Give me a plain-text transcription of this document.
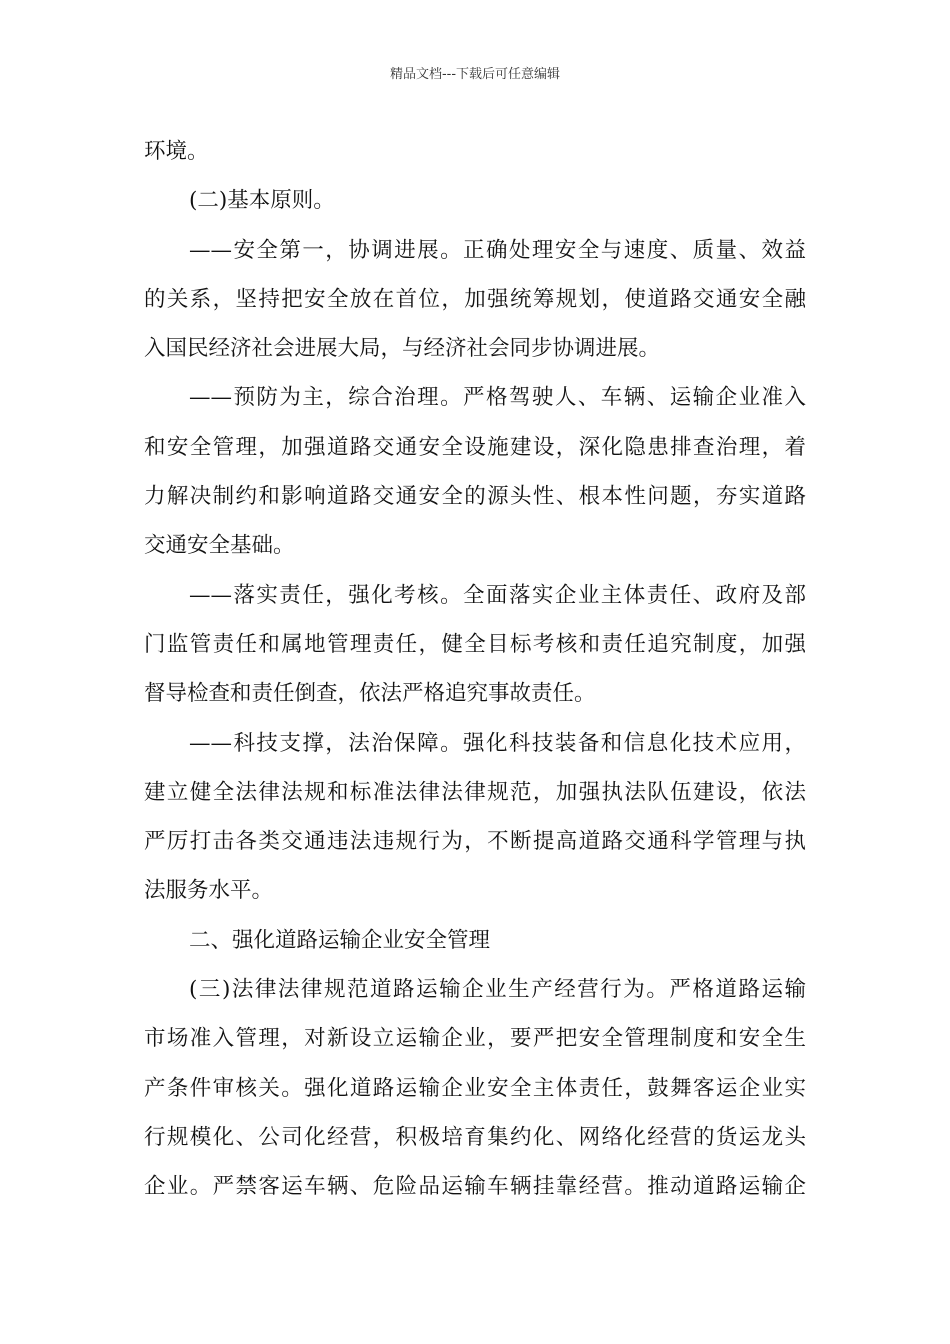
精品文档---下载后可任意编辑
环境。
(二)基本原则。
——安全第一，协调进展。正确处理安全与速度、质量、效益
的关系，坚持把安全放在首位，加强统筹规划，使道路交通安全融
入国民经济社会进展大局，与经济社会同步协调进展。
——预防为主，综合治理。严格驾驶人、车辆、运输企业准入
和安全管理，加强道路交通安全设施建设，深化隐患排查治理，着
力解决制约和影响道路交通安全的源头性、根本性问题，夯实道路
交通安全基础。
——落实责任，强化考核。全面落实企业主体责任、政府及部
门监管责任和属地管理责任，健全目标考核和责任追究制度，加强
督导检查和责任倒查，依法严格追究事故责任。
——科技支撑，法治保障。强化科技装备和信息化技术应用，
建立健全法律法规和标准法律法律规范，加强执法队伍建设，依法
严厉打击各类交通违法违规行为，不断提高道路交通科学管理与执
法服务水平。
二、强化道路运输企业安全管理
(三)法律法律规范道路运输企业生产经营行为。严格道路运输
市场准入管理，对新设立运输企业，要严把安全管理制度和安全生
产条件审核关。强化道路运输企业安全主体责任，鼓舞客运企业实
行规模化、公司化经营，积极培育集约化、网络化经营的货运龙头
企业。严禁客运车辆、危险品运输车辆挂靠经营。推动道路运输企
